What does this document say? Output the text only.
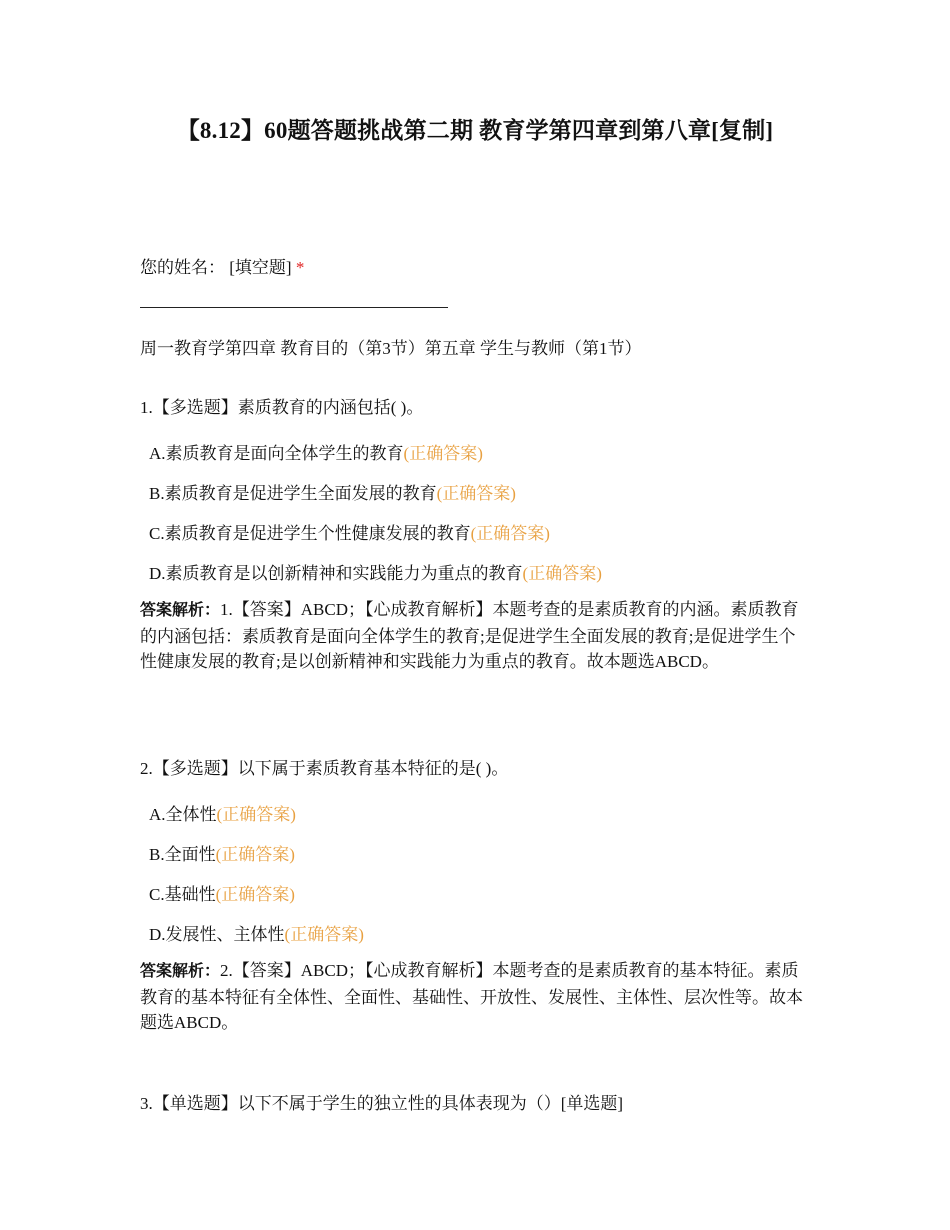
【8.12】60题答题挑战第二期 教育学第四章到第八章[复制]
您的姓名： [填空题] *
周一教育学第四章 教育目的（第3节）第五章 学生与教师（第1节）
1.【多选题】素质教育的内涵包括( )。
A.素质教育是面向全体学生的教育(正确答案)
B.素质教育是促进学生全面发展的教育(正确答案)
C.素质教育是促进学生个性健康发展的教育(正确答案)
D.素质教育是以创新精神和实践能力为重点的教育(正确答案)
答案解析：1.【答案】ABCD；【心成教育解析】本题考查的是素质教育的内涵。素质教育的内涵包括：素质教育是面向全体学生的教育;是促进学生全面发展的教育;是促进学生个性健康发展的教育;是以创新精神和实践能力为重点的教育。故本题选ABCD。
2.【多选题】以下属于素质教育基本特征的是( )。
A.全体性(正确答案)
B.全面性(正确答案)
C.基础性(正确答案)
D.发展性、主体性(正确答案)
答案解析：2.【答案】ABCD；【心成教育解析】本题考查的是素质教育的基本特征。素质教育的基本特征有全体性、全面性、基础性、开放性、发展性、主体性、层次性等。故本题选ABCD。
3.【单选题】以下不属于学生的独立性的具体表现为（）[单选题]
